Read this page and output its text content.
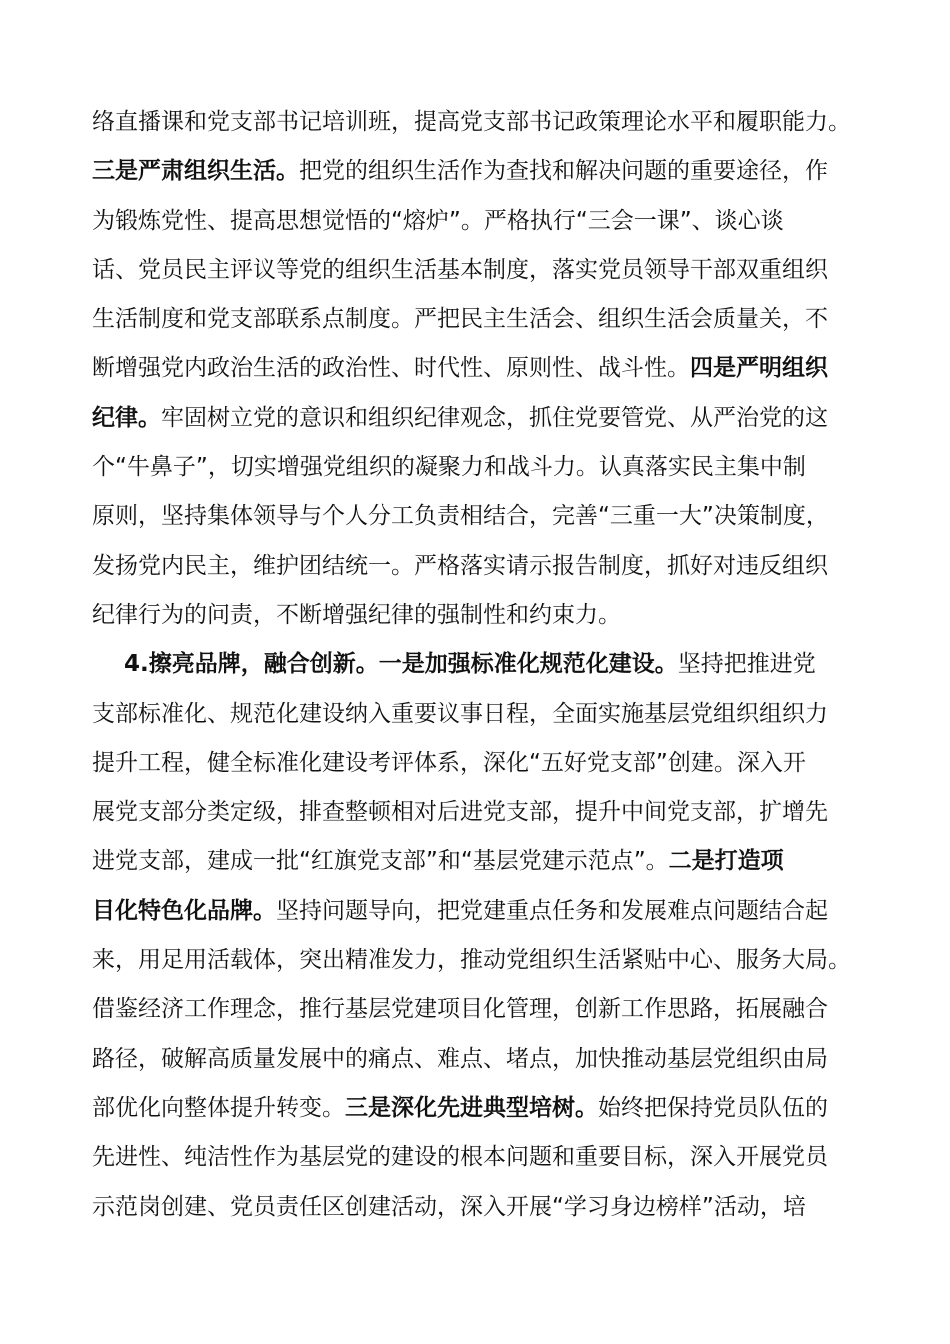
络直播课和党支部书记培训班，提高党支部书记政策理论水平和履职能力。
三是严肃组织生活。把党的组织生活作为查找和解决问题的重要途径，作
为锻炼党性、提高思想觉悟的“熔炉”。严格执行“三会一课”、谈心谈
话、党员民主评议等党的组织生活基本制度，落实党员领导干部双重组织
生活制度和党支部联系点制度。严把民主生活会、组织生活会质量关，不
断增强党内政治生活的政治性、时代性、原则性、战斗性。四是严明组织
纪律。牢固树立党的意识和组织纪律观念，抓住党要管党、从严治党的这
个“牛鼻子”，切实增强党组织的凝聚力和战斗力。认真落实民主集中制
原则，坚持集体领导与个人分工负责相结合，完善“三重一大”决策制度，
发扬党内民主，维护团结统一。严格落实请示报告制度，抓好对违反组织
纪律行为的问责，不断增强纪律的强制性和约束力。
4.擦亮品牌，融合创新。一是加强标准化规范化建设。坚持把推进党
支部标准化、规范化建设纳入重要议事日程，全面实施基层党组织组织力
提升工程，健全标准化建设考评体系，深化“五好党支部”创建。深入开
展党支部分类定级，排查整顿相对后进党支部，提升中间党支部，扩增先
进党支部，建成一批“红旗党支部”和“基层党建示范点”。二是打造项
目化特色化品牌。坚持问题导向，把党建重点任务和发展难点问题结合起
来，用足用活载体，突出精准发力，推动党组织生活紧贴中心、服务大局。
借鉴经济工作理念，推行基层党建项目化管理，创新工作思路，拓展融合
路径，破解高质量发展中的痛点、难点、堵点，加快推动基层党组织由局
部优化向整体提升转变。三是深化先进典型培树。始终把保持党员队伍的
先进性、纯洁性作为基层党的建设的根本问题和重要目标，深入开展党员
示范岗创建、党员责任区创建活动，深入开展“学习身边榜样”活动，培
